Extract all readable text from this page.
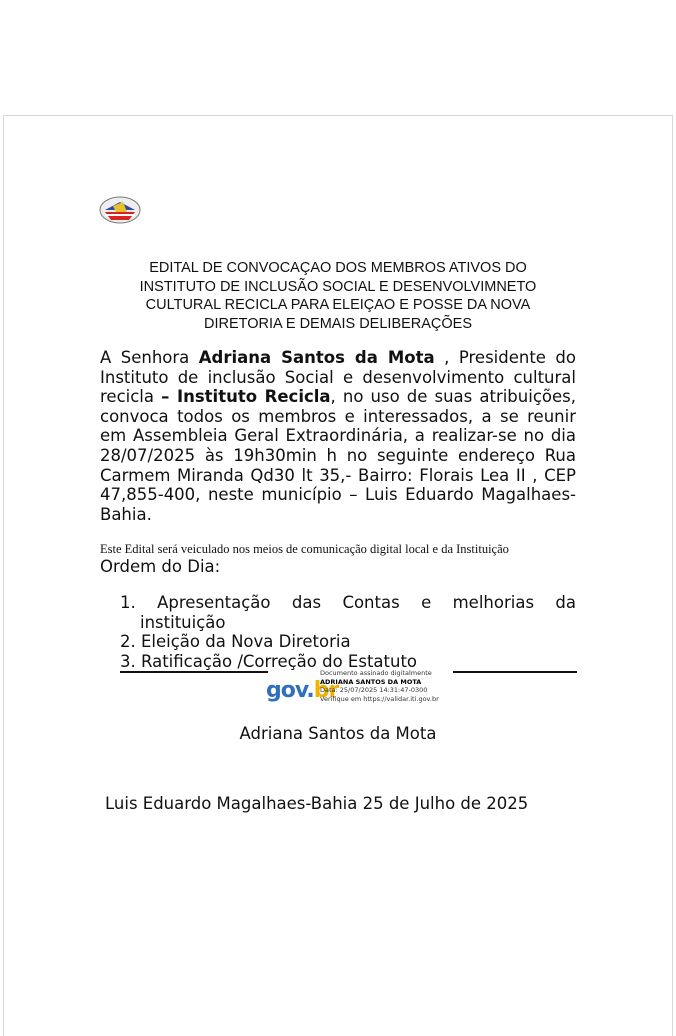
EDITAL DE CONVOCAÇAO DOS MEMBROS ATIVOS DO
INSTITUTO DE INCLUSÃO SOCIAL E DESENVOLVIMNETO
CULTURAL RECICLA PARA ELEIÇAO E POSSE DA NOVA
DIRETORIA E DEMAIS DELIBERAÇÕES
A Senhora Adriana Santos da Mota , Presidente do
Instituto de inclusão Social e desenvolvimento cultural
recicla – Instituto Recicla, no uso de suas atribuições,
convoca todos os membros e interessados, a se reunir
em Assembleia Geral Extraordinária, a realizar-se no dia
28/07/2025 às 19h30min h no seguinte endereço Rua
Carmem Miranda Qd30 lt 35,- Bairro: Florais Lea II , CEP
47,855-400, neste município – Luis Eduardo Magalhaes-
Bahia.
Este Edital será veiculado nos meios de comunicação digital local e da Instituição
Ordem do Dia:
1. Apresentação das Contas e melhorias da
instituição
2. Eleição da Nova Diretoria
3. Ratificação /Correção do Estatuto
gov.br
Documento assinado digitalmente
ADRIANA SANTOS DA MOTA
Data: 25/07/2025 14:31:47-0300
Verifique em https://validar.iti.gov.br
Adriana Santos da Mota
Luis Eduardo Magalhaes-Bahia 25 de Julho de 2025
